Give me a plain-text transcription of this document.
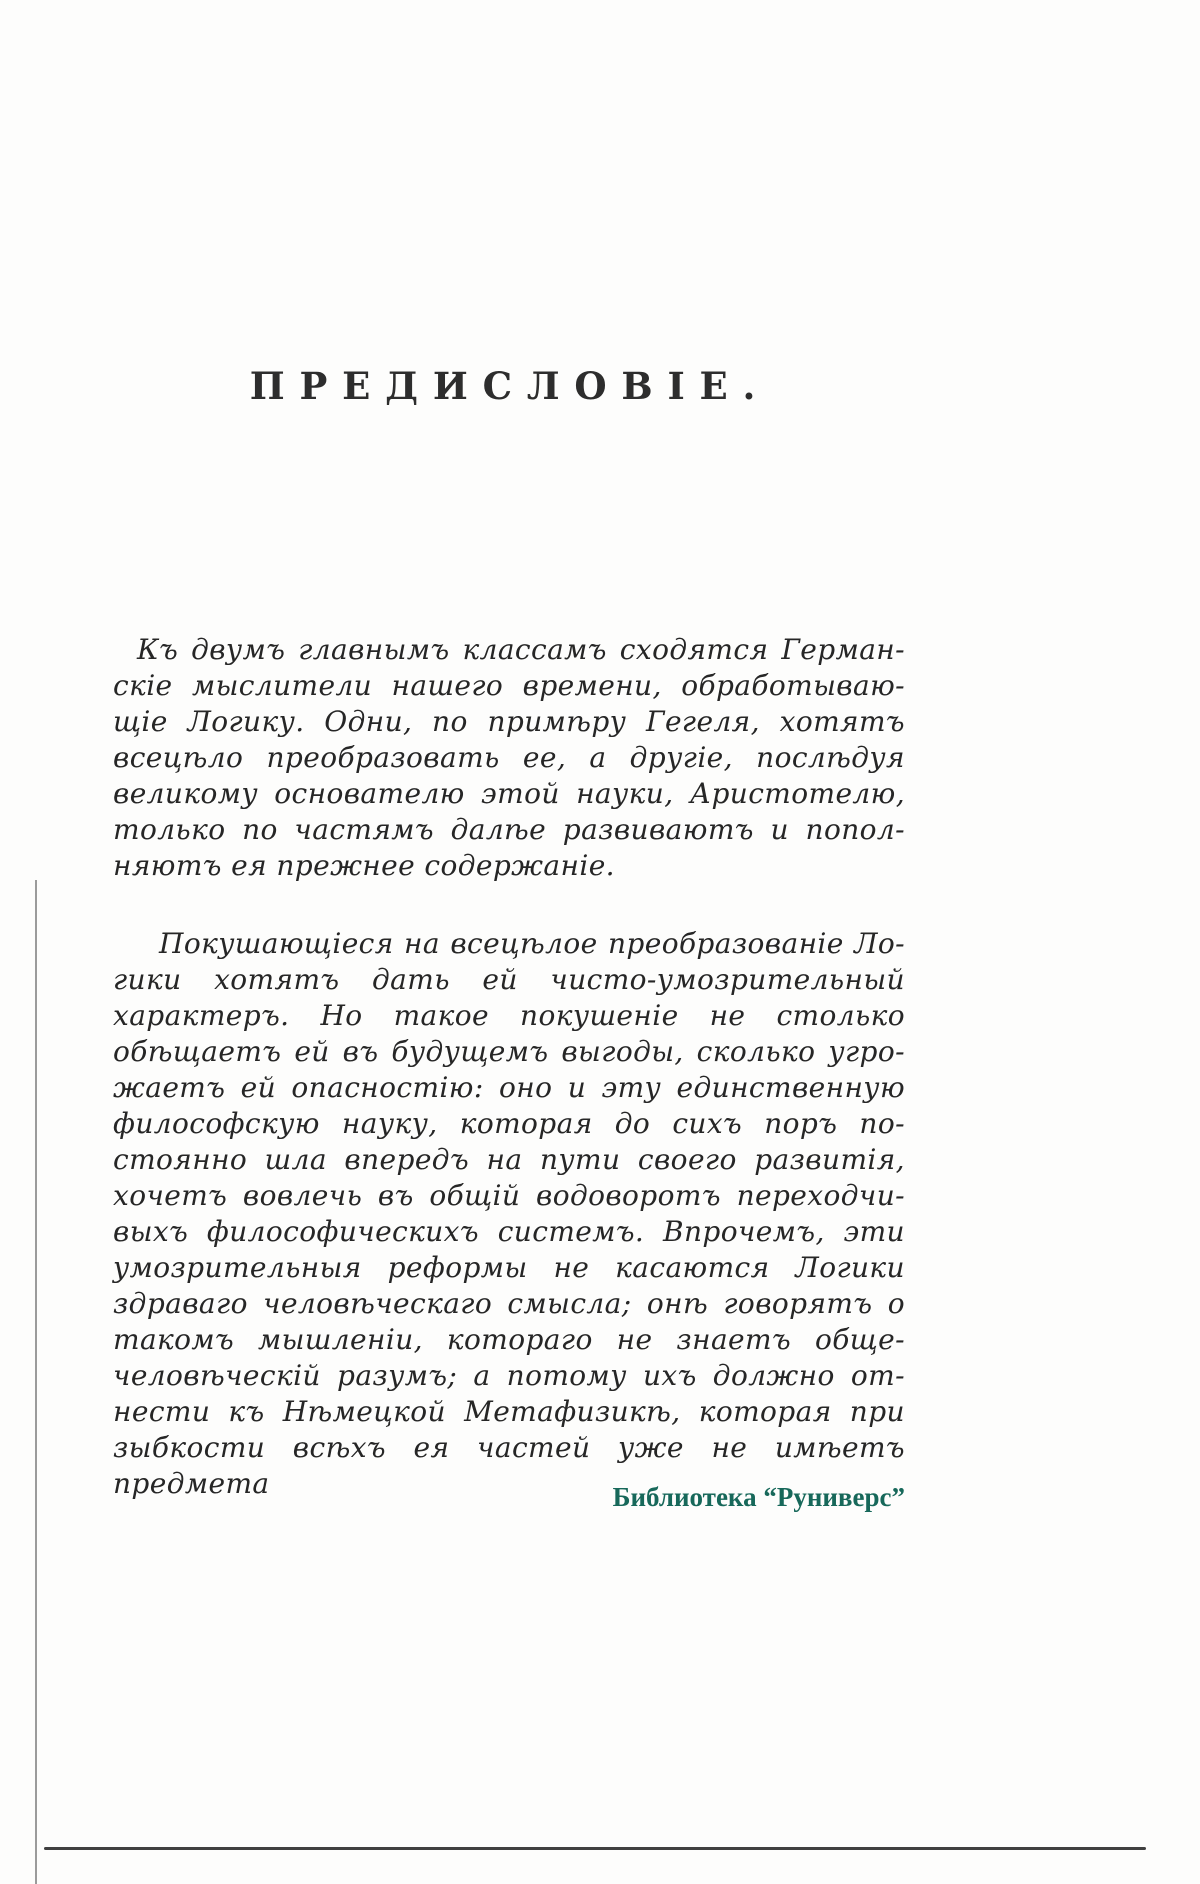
ПРЕДИСЛОВІЕ.
Къ двумъ главнымъ классамъ сходятся Герман-
скіе мыслители нашего времени, обработываю-
щіе Логику. Одни, по примѣру Гегеля, хотятъ
всецѣло преобразовать ее, а другіе, послѣдуя
великому основателю этой науки, Аристотелю,
только по частямъ далѣе развиваютъ и попол-
няютъ ея прежнее содержаніе.
Покушающіеся на всецѣлое преобразованіе Ло-
гики хотятъ дать ей чисто-умозрительный
характеръ. Но такое покушеніе не столько
обѣщаетъ ей въ будущемъ выгоды, сколько угро-
жаетъ ей опасностію: оно и эту единственную
философскую науку, которая до сихъ поръ по-
стоянно шла впередъ на пути своего развитія,
хочетъ вовлечь въ общій водоворотъ переходчи-
выхъ философическихъ системъ. Впрочемъ, эти
умозрительныя реформы не касаются Логики
здраваго человѣческаго смысла; онѣ говорятъ о
такомъ мышленіи, котораго не знаетъ обще-
человѣческій разумъ; а потому ихъ должно от-
нести къ Нѣмецкой Метафизикѣ, которая при
зыбкости всѣхъ ея частей уже не имѣетъ предмета	Библиотека “Руниверс”
